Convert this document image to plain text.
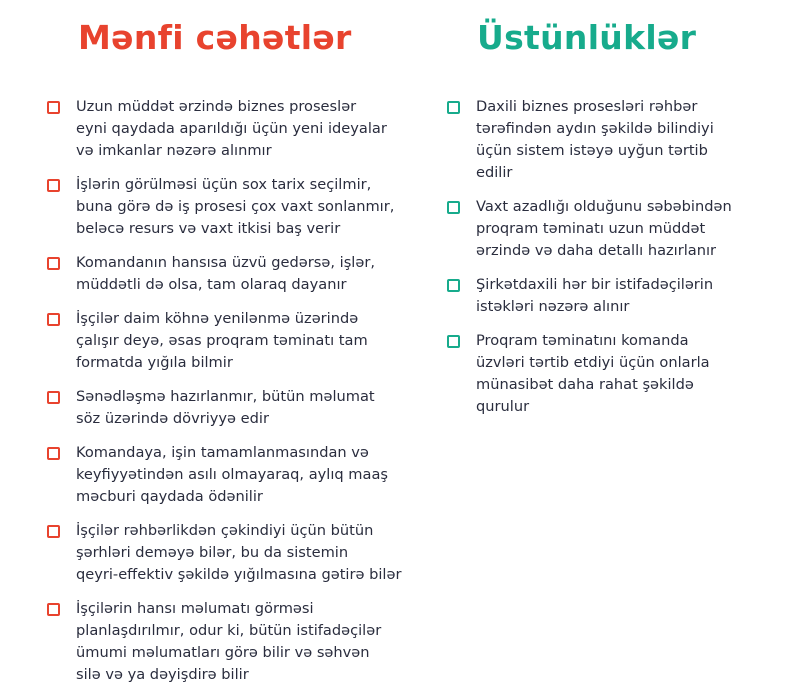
Mənfi cəhətlər
Uzun müddət ərzində biznes proseslər
eyni qaydada aparıldığı üçün yeni ideyalar
və imkanlar nəzərə alınmır
İşlərin görülməsi üçün sox tarix seçilmir,
buna görə də iş prosesi çox vaxt sonlanmır,
beləcə resurs və vaxt itkisi baş verir
Komandanın hansısa üzvü gedərsə, işlər,
müddətli də olsa, tam olaraq dayanır
İşçilər daim köhnə yenilənmə üzərində
çalışır deyə, əsas proqram təminatı tam
formatda yığıla bilmir
Sənədləşmə hazırlanmır, bütün məlumat
söz üzərində dövriyyə edir
Komandaya, işin tamamlanmasından və
keyfiyyətindən asılı olmayaraq, aylıq maaş
məcburi qaydada ödənilir
İşçilər rəhbərlikdən çəkindiyi üçün bütün
şərhləri deməyə bilər, bu da sistemin
qeyri-effektiv şəkildə yığılmasına gətirə bilər
İşçilərin hansı məlumatı görməsi
planlaşdırılmır, odur ki, bütün istifadəçilər
ümumi məlumatları görə bilir və səhvən
silə və ya dəyişdirə bilir
Üstünlüklər
Daxili biznes prosesləri rəhbər
tərəfindən aydın şəkildə bilindiyi
üçün sistem istəyə uyğun tərtib
edilir
Vaxt azadlığı olduğunu səbəbindən
proqram təminatı uzun müddət
ərzində və daha detallı hazırlanır
Şirkətdaxili hər bir istifadəçilərin
istəkləri nəzərə alınır
Proqram təminatını komanda
üzvləri tərtib etdiyi üçün onlarla
münasibət daha rahat şəkildə
qurulur
